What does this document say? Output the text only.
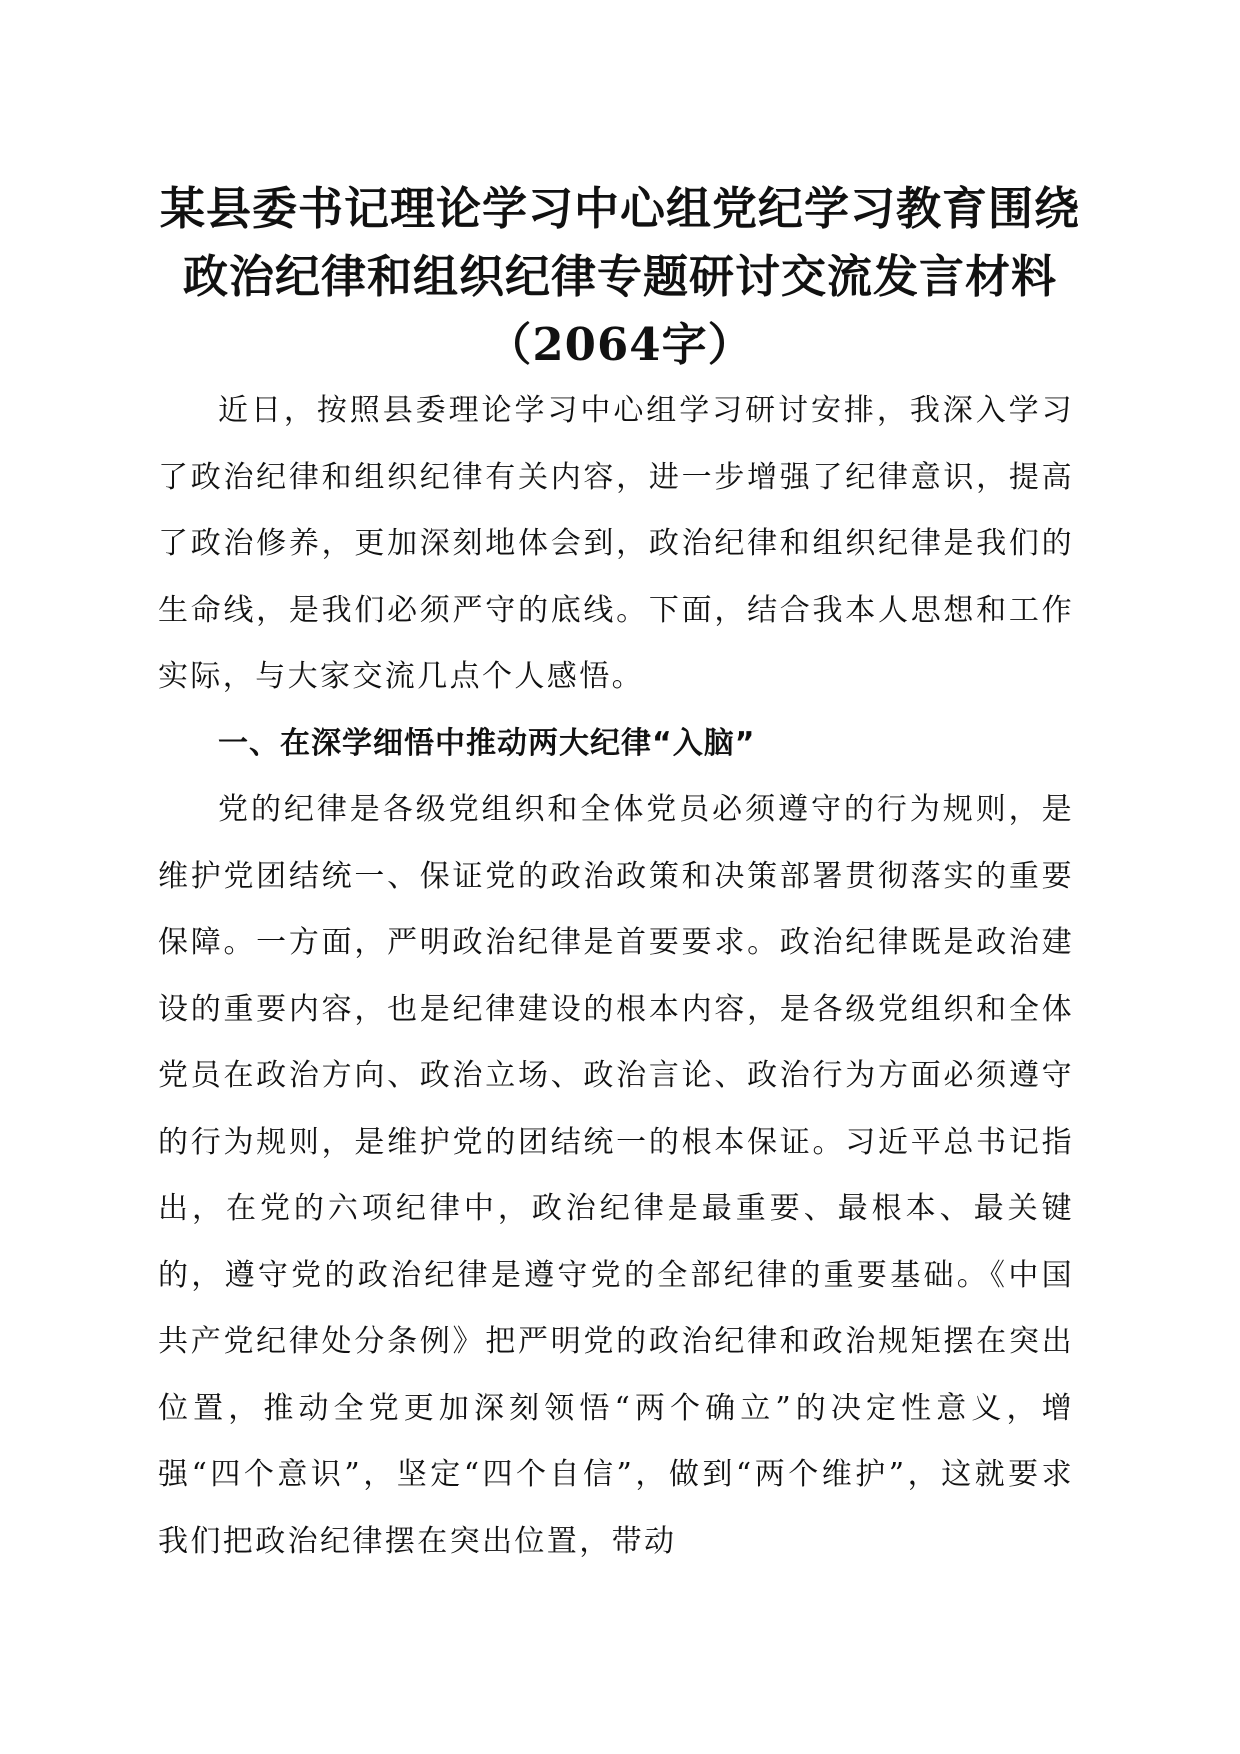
某县委书记理论学习中心组党纪学习教育围绕
政治纪律和组织纪律专题研讨交流发言材料
（2064字）

近日，按照县委理论学习中心组学习研讨安排，我深入学习了政治纪律和组织纪律有关内容，进一步增强了纪律意识，提高了政治修养，更加深刻地体会到，政治纪律和组织纪律是我们的生命线，是我们必须严守的底线。下面，结合我本人思想和工作实际，与大家交流几点个人感悟。

一、在深学细悟中推动两大纪律“入脑”

党的纪律是各级党组织和全体党员必须遵守的行为规则，是维护党团结统一、保证党的政治政策和决策部署贯彻落实的重要保障。一方面，严明政治纪律是首要要求。政治纪律既是政治建设的重要内容，也是纪律建设的根本内容，是各级党组织和全体党员在政治方向、政治立场、政治言论、政治行为方面必须遵守的行为规则，是维护党的团结统一的根本保证。习近平总书记指出，在党的六项纪律中，政治纪律是最重要、最根本、最关键的，遵守党的政治纪律是遵守党的全部纪律的重要基础。《中国共产党纪律处分条例》把严明党的政治纪律和政治规矩摆在突出位置，推动全党更加深刻领悟“两个确立”的决定性意义，增强“四个意识”，坚定“四个自信”，做到“两个维护”，这就要求我们把政治纪律摆在突出位置，带动
